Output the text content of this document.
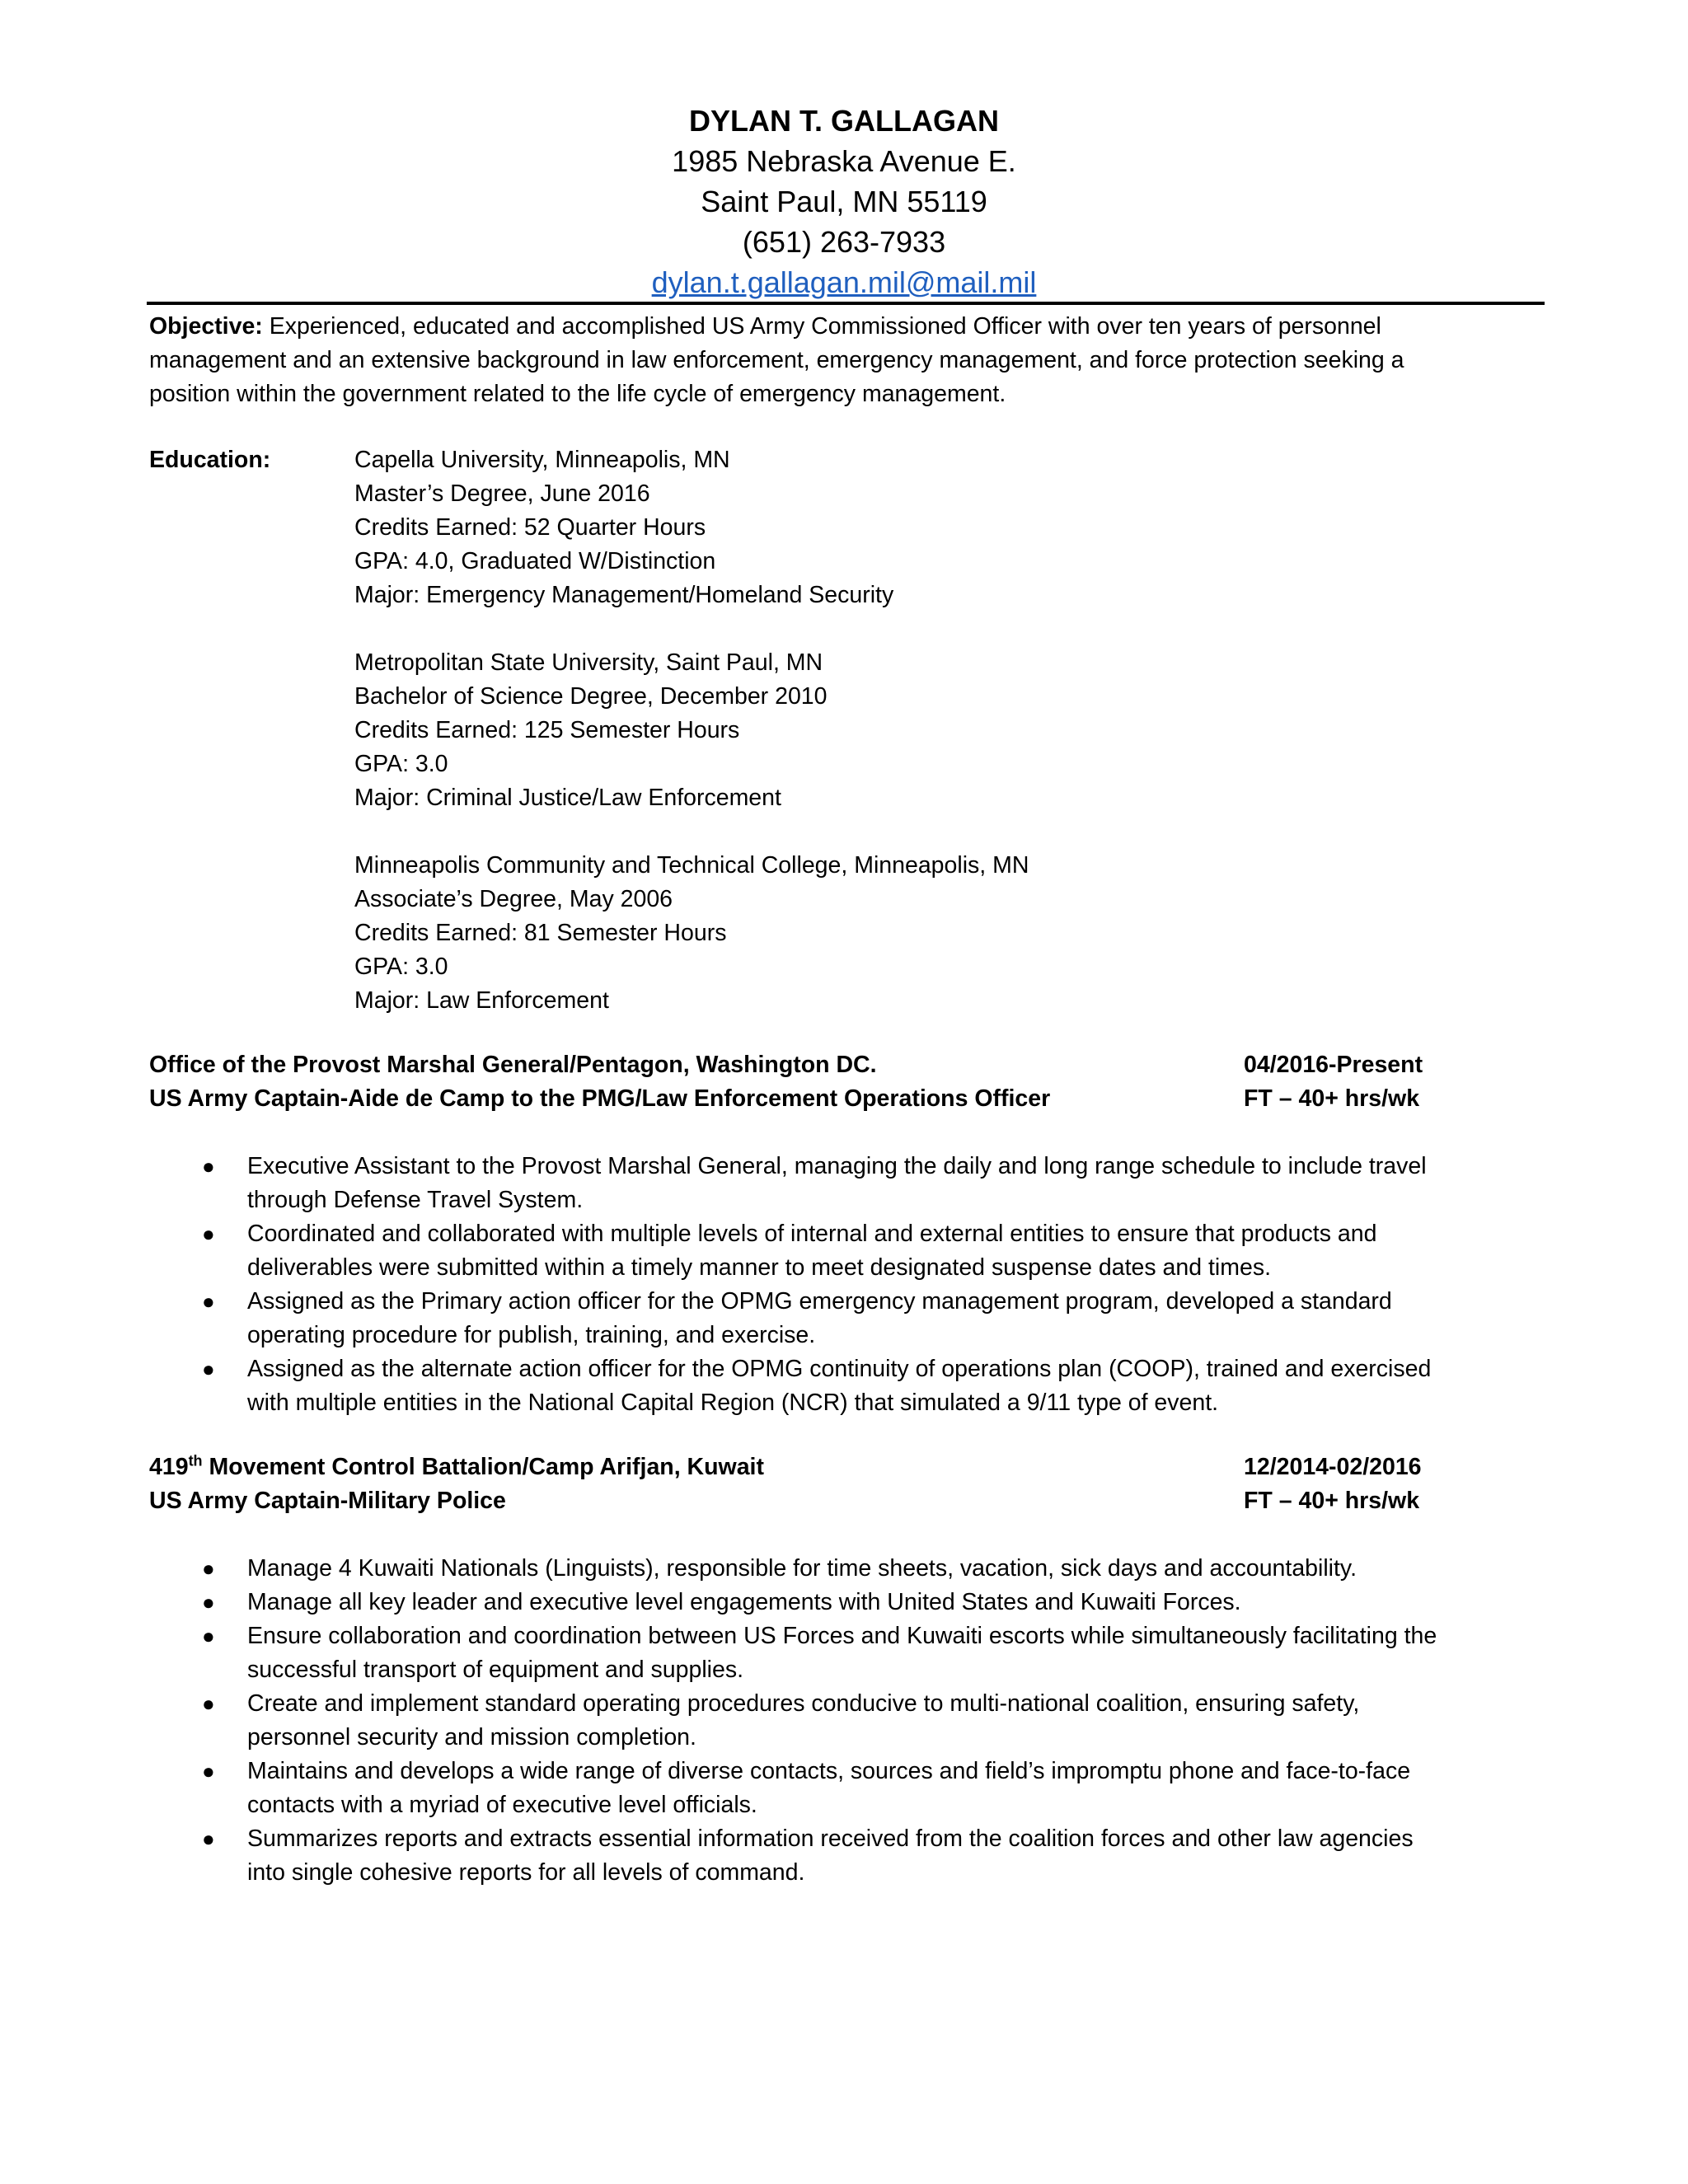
DYLAN T. GALLAGAN
1985 Nebraska Avenue E.
Saint Paul, MN 55119
(651) 263-7933
dylan.t.gallagan.mil@mail.mil
Objective: Experienced, educated and accomplished US Army Commissioned Officer with over ten years of personnel
management and an extensive background in law enforcement, emergency management, and force protection seeking a
position within the government related to the life cycle of emergency management.
Education:	Capella University, Minneapolis, MN
Master’s Degree, June 2016
Credits Earned: 52 Quarter Hours
GPA: 4.0, Graduated W/Distinction
Major: Emergency Management/Homeland Security
Metropolitan State University, Saint Paul, MN
Bachelor of Science Degree, December 2010
Credits Earned: 125 Semester Hours
GPA: 3.0
Major: Criminal Justice/Law Enforcement
Minneapolis Community and Technical College, Minneapolis, MN
Associate’s Degree, May 2006
Credits Earned: 81 Semester Hours
GPA: 3.0
Major: Law Enforcement
Office of the Provost Marshal General/Pentagon, Washington DC.	04/2016-Present
US Army Captain-Aide de Camp to the PMG/Law Enforcement Operations Officer	FT – 40+ hrs/wk
● Executive Assistant to the Provost Marshal General, managing the daily and long range schedule to include travel
through Defense Travel System.
● Coordinated and collaborated with multiple levels of internal and external entities to ensure that products and
deliverables were submitted within a timely manner to meet designated suspense dates and times.
● Assigned as the Primary action officer for the OPMG emergency management program, developed a standard
operating procedure for publish, training, and exercise.
● Assigned as the alternate action officer for the OPMG continuity of operations plan (COOP), trained and exercised
with multiple entities in the National Capital Region (NCR) that simulated a 9/11 type of event.
419th Movement Control Battalion/Camp Arifjan, Kuwait	12/2014-02/2016
US Army Captain-Military Police	FT – 40+ hrs/wk
● Manage 4 Kuwaiti Nationals (Linguists), responsible for time sheets, vacation, sick days and accountability.
● Manage all key leader and executive level engagements with United States and Kuwaiti Forces.
● Ensure collaboration and coordination between US Forces and Kuwaiti escorts while simultaneously facilitating the
successful transport of equipment and supplies.
● Create and implement standard operating procedures conducive to multi-national coalition, ensuring safety,
personnel security and mission completion.
● Maintains and develops a wide range of diverse contacts, sources and field’s impromptu phone and face-to-face
contacts with a myriad of executive level officials.
● Summarizes reports and extracts essential information received from the coalition forces and other law agencies
into single cohesive reports for all levels of command.
